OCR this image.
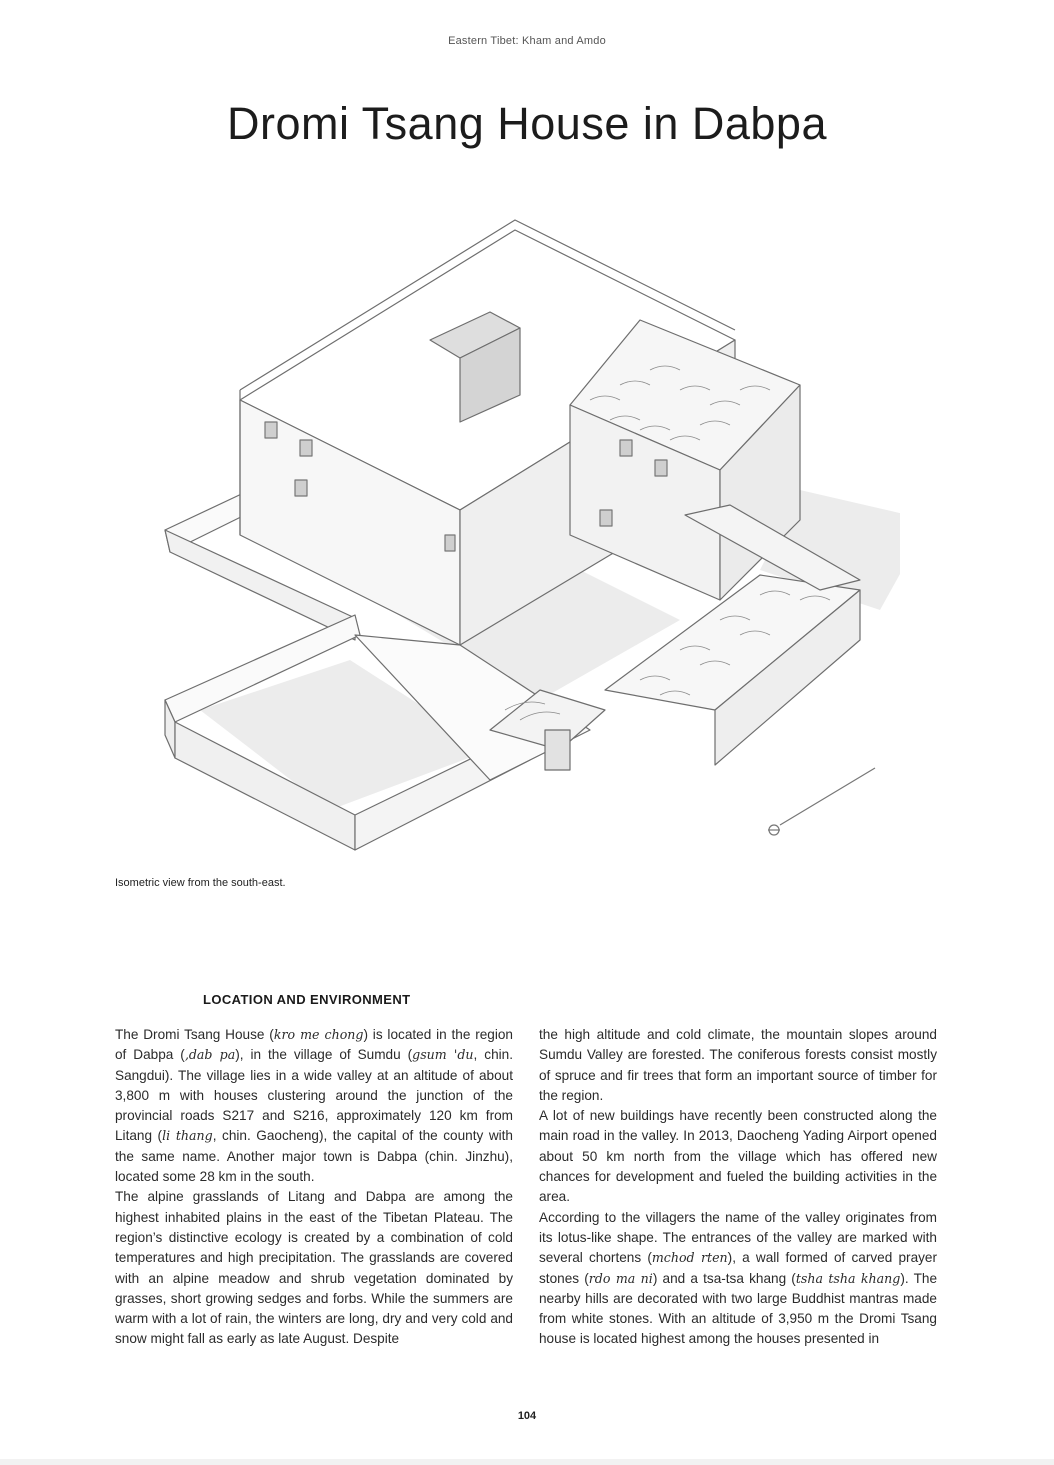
Eastern Tibet: Kham and Amdo
Dromi Tsang House in Dabpa
Isometric view from the south-east.
LOCATION AND ENVIRONMENT

The Dromi Tsang House (kro me chong) is located in the region of Dabpa (‚dab pa), in the village of Sumdu (gsum 'du, chin. Sangdui). The village lies in a wide valley at an altitude of about 3,800 m with houses clustering around the junction of the provincial roads S217 and S216, approximately 120 km from Litang (li thang, chin. Gaocheng), the capital of the county with the same name. Another major town is Dabpa (chin. Jinzhu), located some 28 km in the south.

The alpine grasslands of Litang and Dabpa are among the highest inhabited plains in the east of the Tibetan Plateau. The region’s distinctive ecology is created by a combination of cold temperatures and high precipitation. The grasslands are covered with an alpine meadow and shrub vegetation dominated by grasses, short growing sedges and forbs. While the summers are warm with a lot of rain, the winters are long, dry and very cold and snow might fall as early as late August. Despite

the high altitude and cold climate, the mountain slopes around Sumdu Valley are forested. The coniferous forests consist mostly of spruce and fir trees that form an important source of timber for the region.

A lot of new buildings have recently been constructed along the main road in the valley. In 2013, Daocheng Yading Airport opened about 50 km north from the village which has offered new chances for development and fueled the building activities in the area.

According to the villagers the name of the valley originates from its lotus-like shape. The entrances of the valley are marked with several chortens (mchod rten), a wall formed of carved prayer stones (rdo ma ni) and a tsa-tsa khang (tsha tsha khang). The nearby hills are decorated with two large Buddhist mantras made from white stones. With an altitude of 3,950 m the Dromi Tsang house is located highest among the houses presented in

104
